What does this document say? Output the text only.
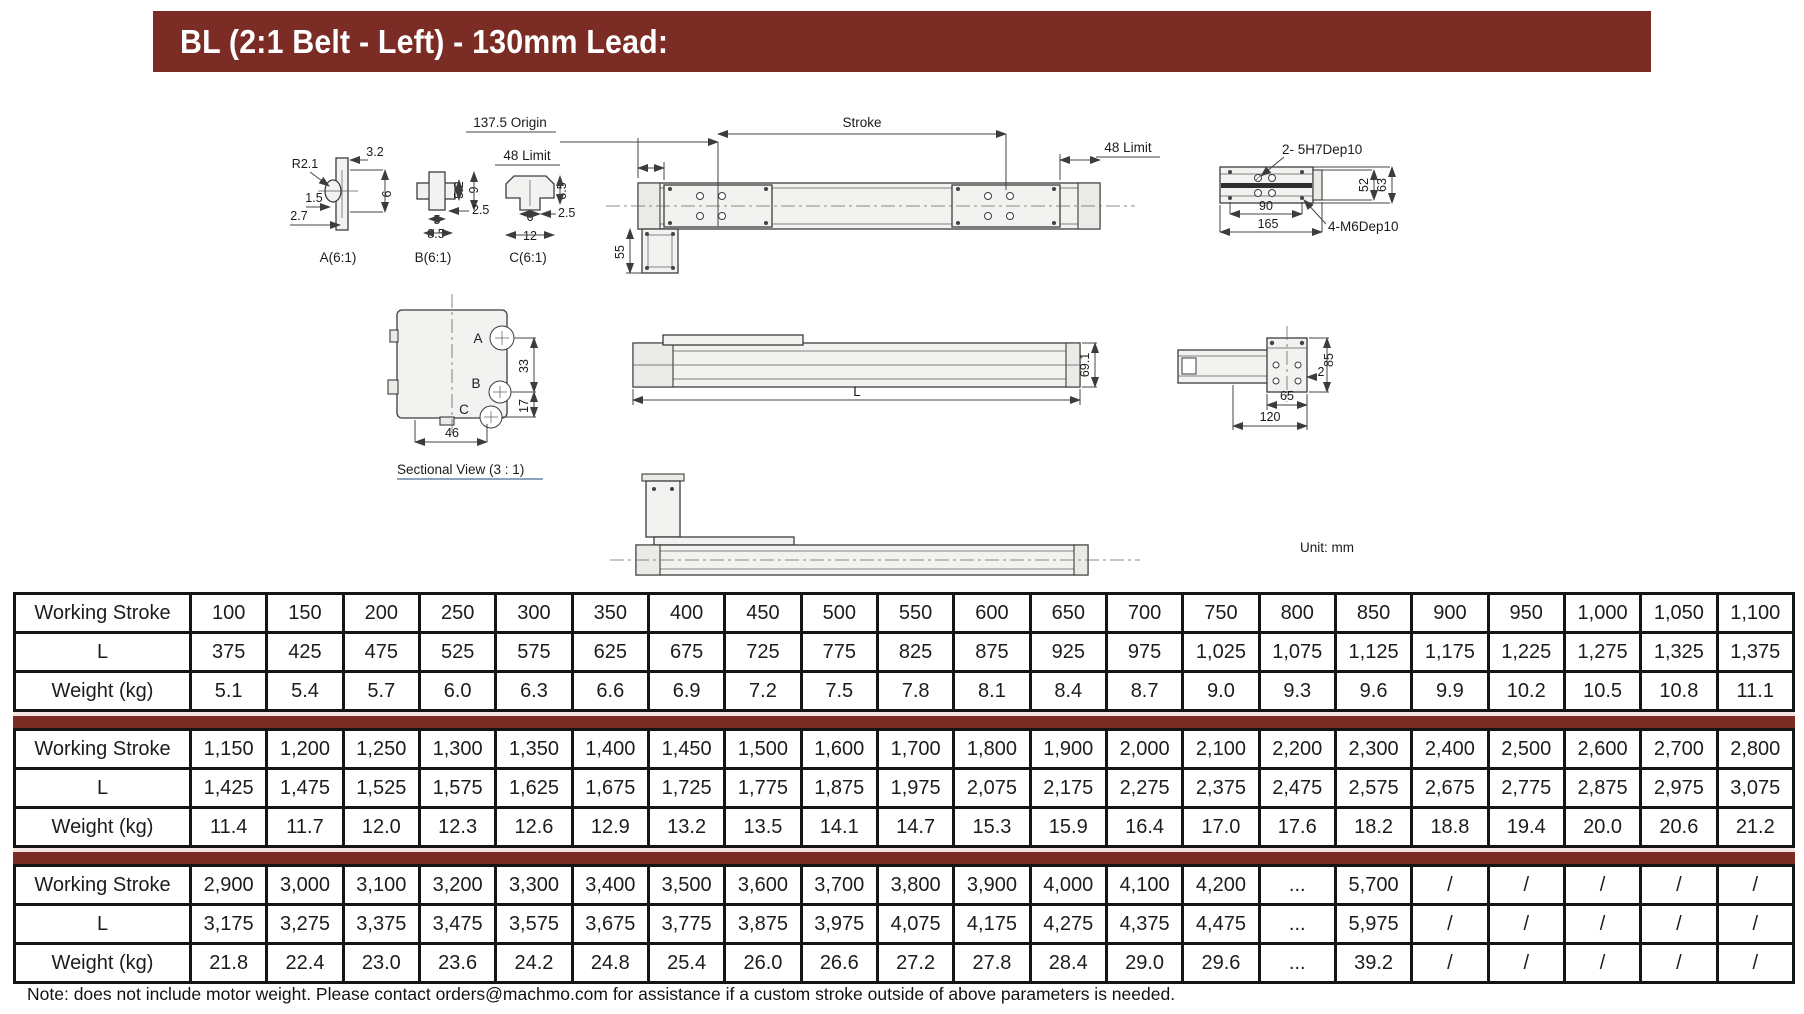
BL (2:1 Belt - Left) - 130mm Lead:
3.2
6
R2.1
1.5
2.7
A(6:1)
5.2 9
2.5
5
8.5
B(6:1)
6.5
2.5
6
12
C(6:1)
137.5 Origin	Stroke
48 Limit
48 Limit
55
2- 5H7Dep10
52 63
90
165	4-M6Dep10
A
B
C
33
17
46
Sectional View (3 : 1)
L
69.1	85
2
65
120
Unit: mm
Working Stroke	100	150	200	250	300	350	400	450	500	550	600	650	700	750	800	850	900	950	1,000	1,050	1,100
L	375	425	475	525	575	625	675	725	775	825	875	925	975	1,025	1,075	1,125	1,175	1,225	1,275	1,325	1,375
Weight (kg)	5.1	5.4	5.7	6.0	6.3	6.6	6.9	7.2	7.5	7.8	8.1	8.4	8.7	9.0	9.3	9.6	9.9	10.2	10.5	10.8	11.1
Working Stroke	1,150	1,200	1,250	1,300	1,350	1,400	1,450	1,500	1,600	1,700	1,800	1,900	2,000	2,100	2,200	2,300	2,400	2,500	2,600	2,700	2,800
L	1,425	1,475	1,525	1,575	1,625	1,675	1,725	1,775	1,875	1,975	2,075	2,175	2,275	2,375	2,475	2,575	2,675	2,775	2,875	2,975	3,075
Weight (kg)	11.4	11.7	12.0	12.3	12.6	12.9	13.2	13.5	14.1	14.7	15.3	15.9	16.4	17.0	17.6	18.2	18.8	19.4	20.0	20.6	21.2
Working Stroke	2,900	3,000	3,100	3,200	3,300	3,400	3,500	3,600	3,700	3,800	3,900	4,000	4,100	4,200	...	5,700	/	/	/	/	/
L	3,175	3,275	3,375	3,475	3,575	3,675	3,775	3,875	3,975	4,075	4,175	4,275	4,375	4,475	...	5,975	/	/	/	/	/
Weight (kg)	21.8	22.4	23.0	23.6	24.2	24.8	25.4	26.0	26.6	27.2	27.8	28.4	29.0	29.6	...	39.2	/	/	/	/	/
Note: does not include motor weight. Please contact orders@machmo.com for assistance if a custom stroke outside of above parameters is needed.
